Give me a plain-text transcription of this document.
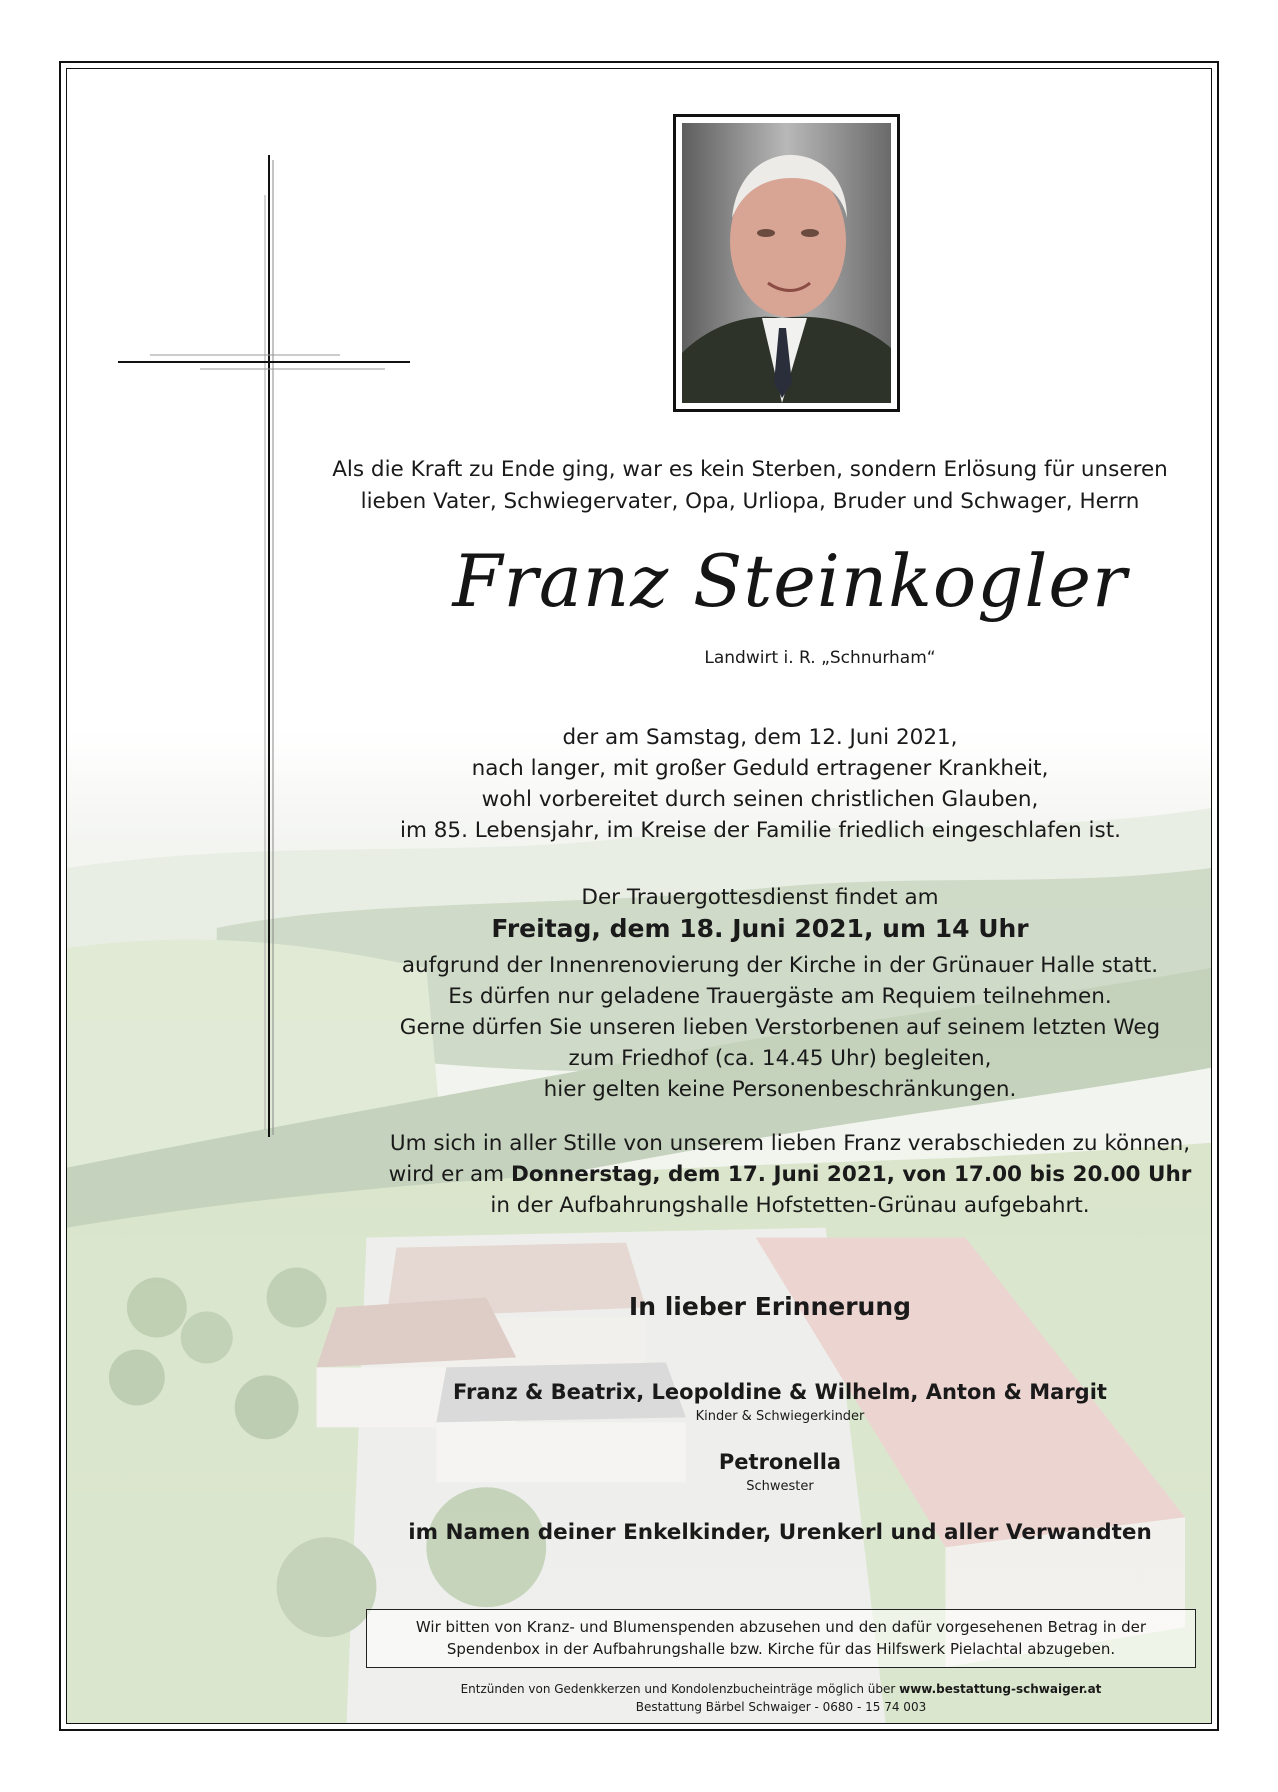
Als die Kraft zu Ende ging, war es kein Sterben, sondern Erlösung für unseren
lieben Vater, Schwiegervater, Opa, Urliopa, Bruder und Schwager, Herrn
Franz Steinkogler
Landwirt i. R. „Schnurham“
der am Samstag, dem 12. Juni 2021,
nach langer, mit großer Geduld ertragener Krankheit,
wohl vorbereitet durch seinen christlichen Glauben,
im 85. Lebensjahr, im Kreise der Familie friedlich eingeschlafen ist.
Der Trauergottesdienst findet am
Freitag, dem 18. Juni 2021, um 14 Uhr
aufgrund der Innenrenovierung der Kirche in der Grünauer Halle statt.
Es dürfen nur geladene Trauergäste am Requiem teilnehmen.
Gerne dürfen Sie unseren lieben Verstorbenen auf seinem letzten Weg
zum Friedhof (ca. 14.45 Uhr) begleiten,
hier gelten keine Personenbeschränkungen.
Um sich in aller Stille von unserem lieben Franz verabschieden zu können,
wird er am Donnerstag, dem 17. Juni 2021, von 17.00 bis 20.00 Uhr
in der Aufbahrungshalle Hofstetten-Grünau aufgebahrt.
In lieber Erinnerung
Franz & Beatrix, Leopoldine & Wilhelm, Anton & Margit
Kinder & Schwiegerkinder
Petronella
Schwester
im Namen deiner Enkelkinder, Urenkerl und aller Verwandten
Wir bitten von Kranz- und Blumenspenden abzusehen und den dafür vorgesehenen Betrag in der
Spendenbox in der Aufbahrungshalle bzw. Kirche für das Hilfswerk Pielachtal abzugeben.
Entzünden von Gedenkkerzen und Kondolenzbucheinträge möglich über www.bestattung-schwaiger.at
Bestattung Bärbel Schwaiger - 0680 - 15 74 003
